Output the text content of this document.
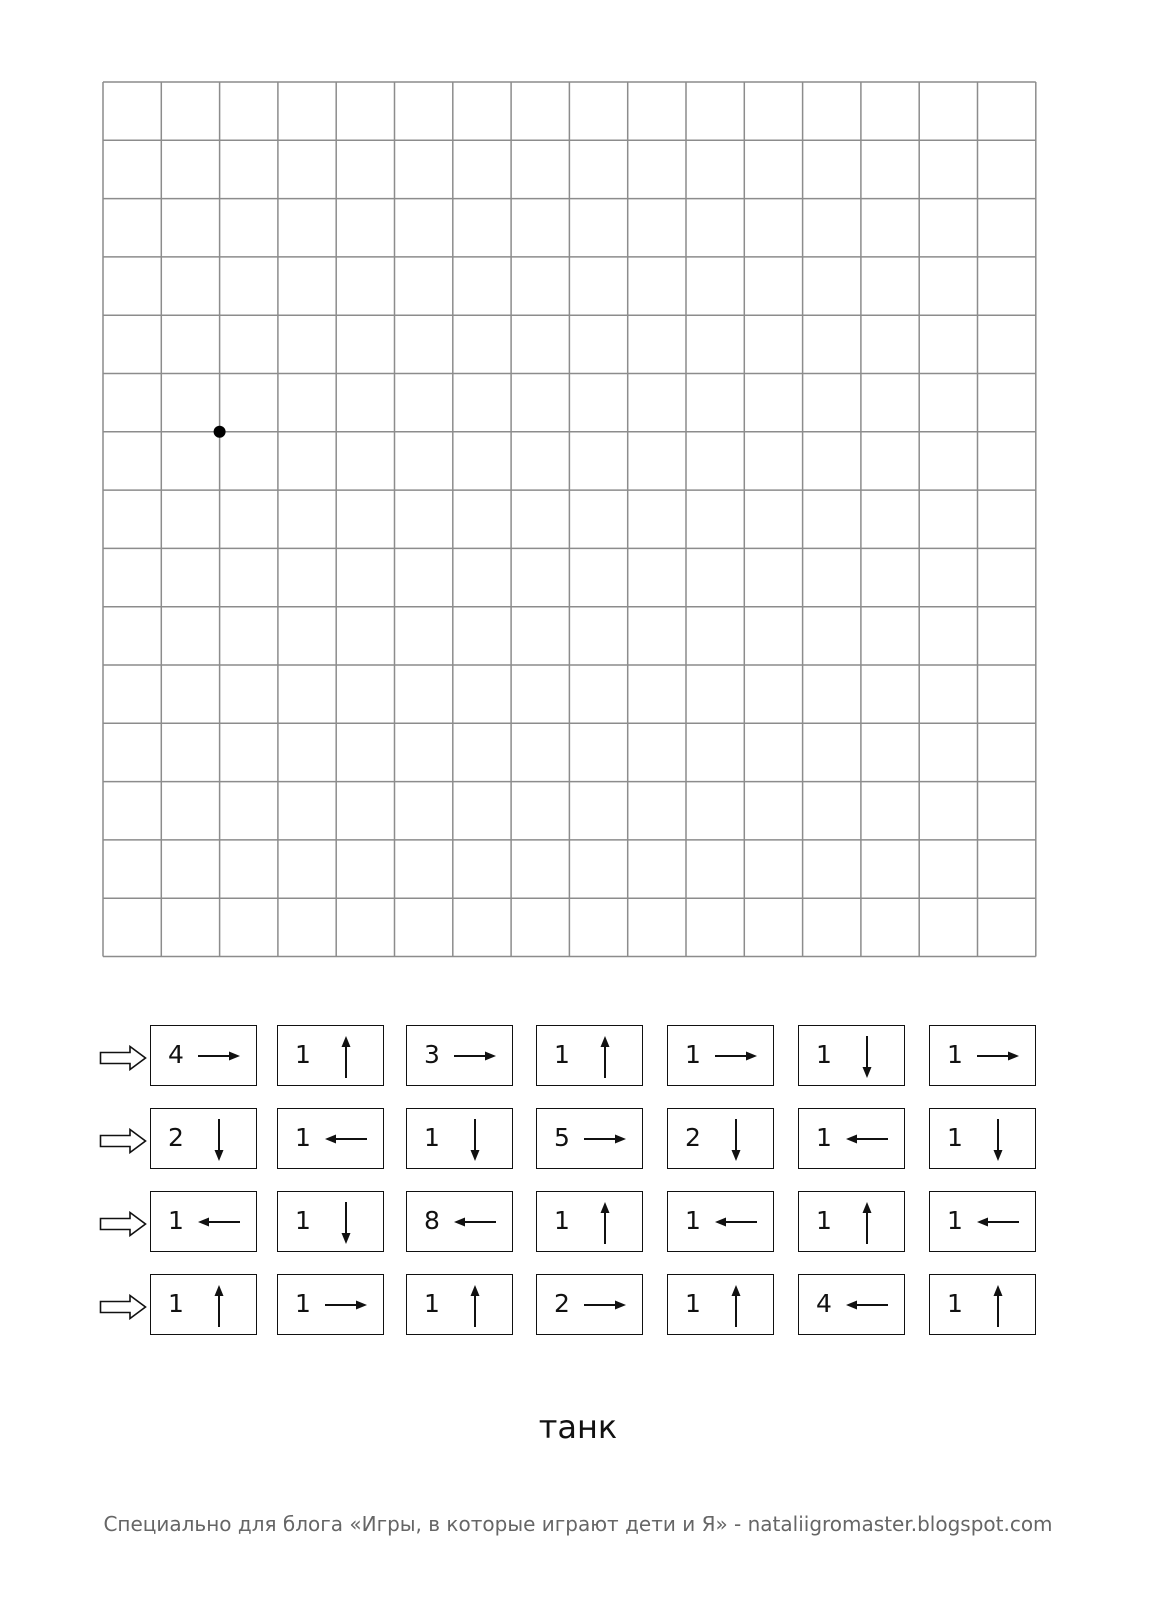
4	1	3	1	1	1	1
2	1	1	5	2	1	1
1	1	8	1	1	1	1
1	1	1	2	1	4	1
танк
Специально для блога «Игры, в которые играют дети и Я» - nataliigromaster.blogspot.com
